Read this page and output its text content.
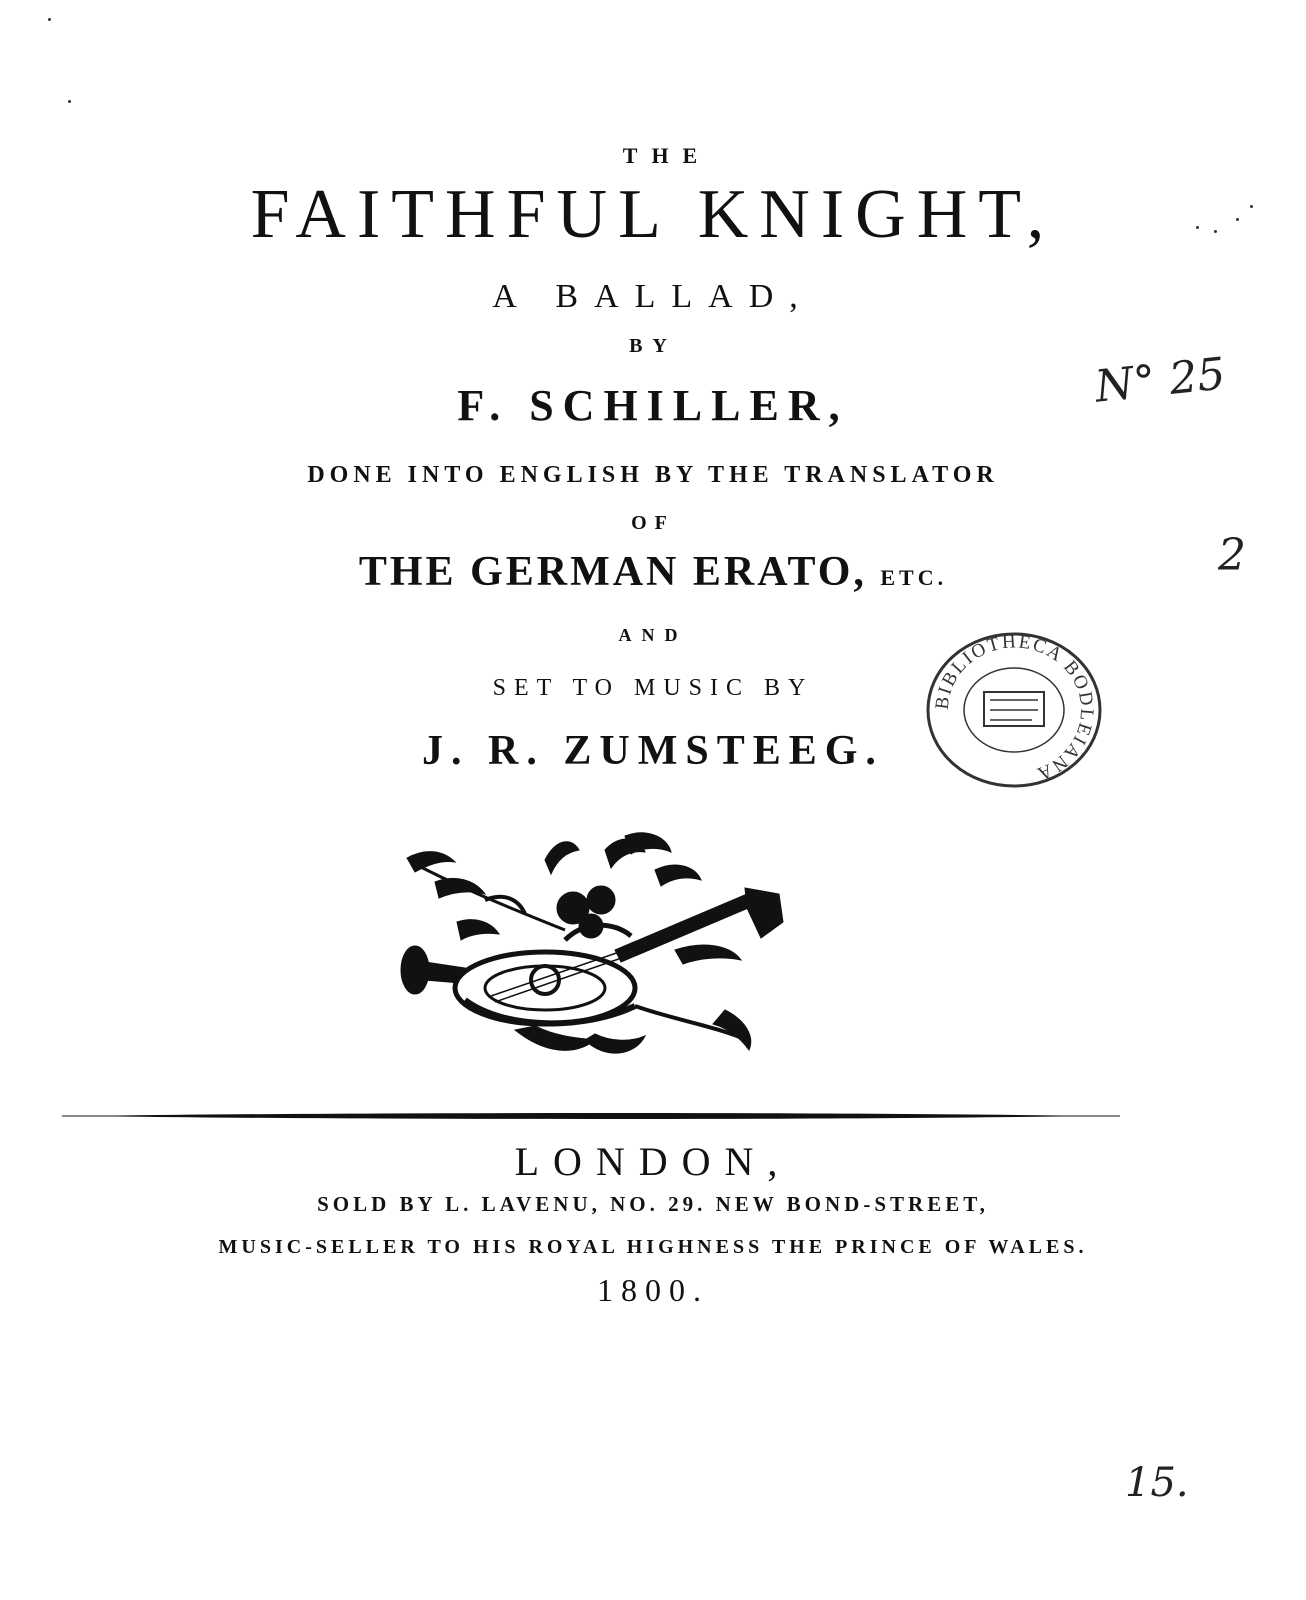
THE

FAITHFUL KNIGHT,

A BALLAD,

BY

F. SCHILLER,

DONE INTO ENGLISH BY THE TRANSLATOR

OF

THE GERMAN ERATO, ETC.

AND

SET TO MUSIC BY

J. R. ZUMSTEEG.

LONDON,

SOLD BY L. LAVENU, NO. 29. NEW BOND-STREET,

MUSIC-SELLER TO HIS ROYAL HIGHNESS THE PRINCE OF WALES.

1800.

BIBLIOTHECA BODLEIANA
N° 25
2
15.
